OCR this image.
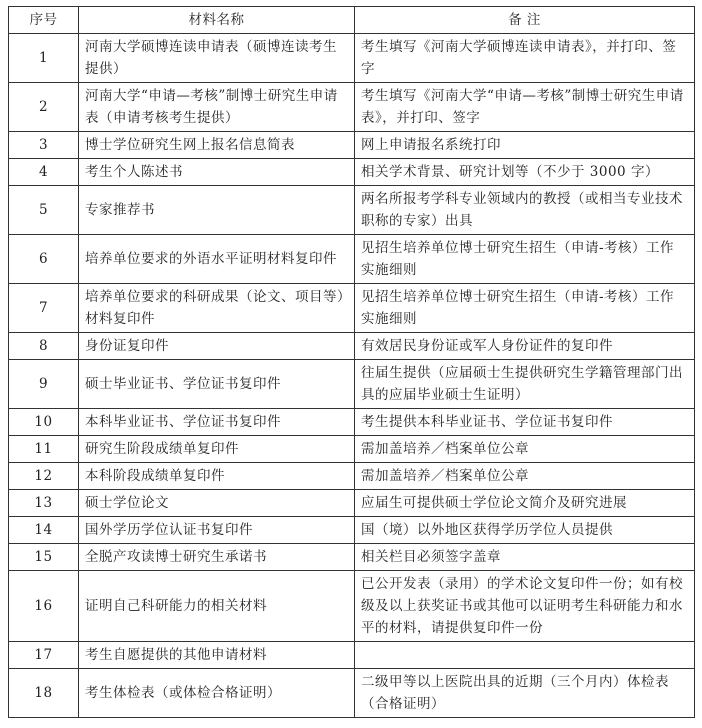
序号	材料名称	备 注
1	河南大学硕博连读申请表（硕博连读考生提供）	考生填写《河南大学硕博连读申请表》，并打印、签字
2	河南大学“申请—考核”制博士研究生申请表（申请考核考生提供）	考生填写《河南大学“申请—考核”制博士研究生申请表》，并打印、签字
3	博士学位研究生网上报名信息简表	网上申请报名系统打印
4	考生个人陈述书	相关学术背景、研究计划等（不少于 3000 字）
5	专家推荐书	两名所报考学科专业领域内的教授（或相当专业技术职称的专家）出具
6	培养单位要求的外语水平证明材料复印件	见招生培养单位博士研究生招生（申请-考核）工作实施细则
7	培养单位要求的科研成果（论文、项目等）材料复印件	见招生培养单位博士研究生招生（申请-考核）工作实施细则
8	身份证复印件	有效居民身份证或军人身份证件的复印件
9	硕士毕业证书、学位证书复印件	往届生提供（应届硕士生提供研究生学籍管理部门出具的应届毕业硕士生证明）
10	本科毕业证书、学位证书复印件	考生提供本科毕业证书、学位证书复印件
11	研究生阶段成绩单复印件	需加盖培养／档案单位公章
12	本科阶段成绩单复印件	需加盖培养／档案单位公章
13	硕士学位论文	应届生可提供硕士学位论文简介及研究进展
14	国外学历学位认证书复印件	国（境）以外地区获得学历学位人员提供
15	全脱产攻读博士研究生承诺书	相关栏目必须签字盖章
16	证明自己科研能力的相关材料	已公开发表（录用）的学术论文复印件一份；如有校级及以上获奖证书或其他可以证明考生科研能力和水平的材料，请提供复印件一份
17	考生自愿提供的其他申请材料	
18	考生体检表（或体检合格证明）	二级甲等以上医院出具的近期（三个月内）体检表（合格证明）
